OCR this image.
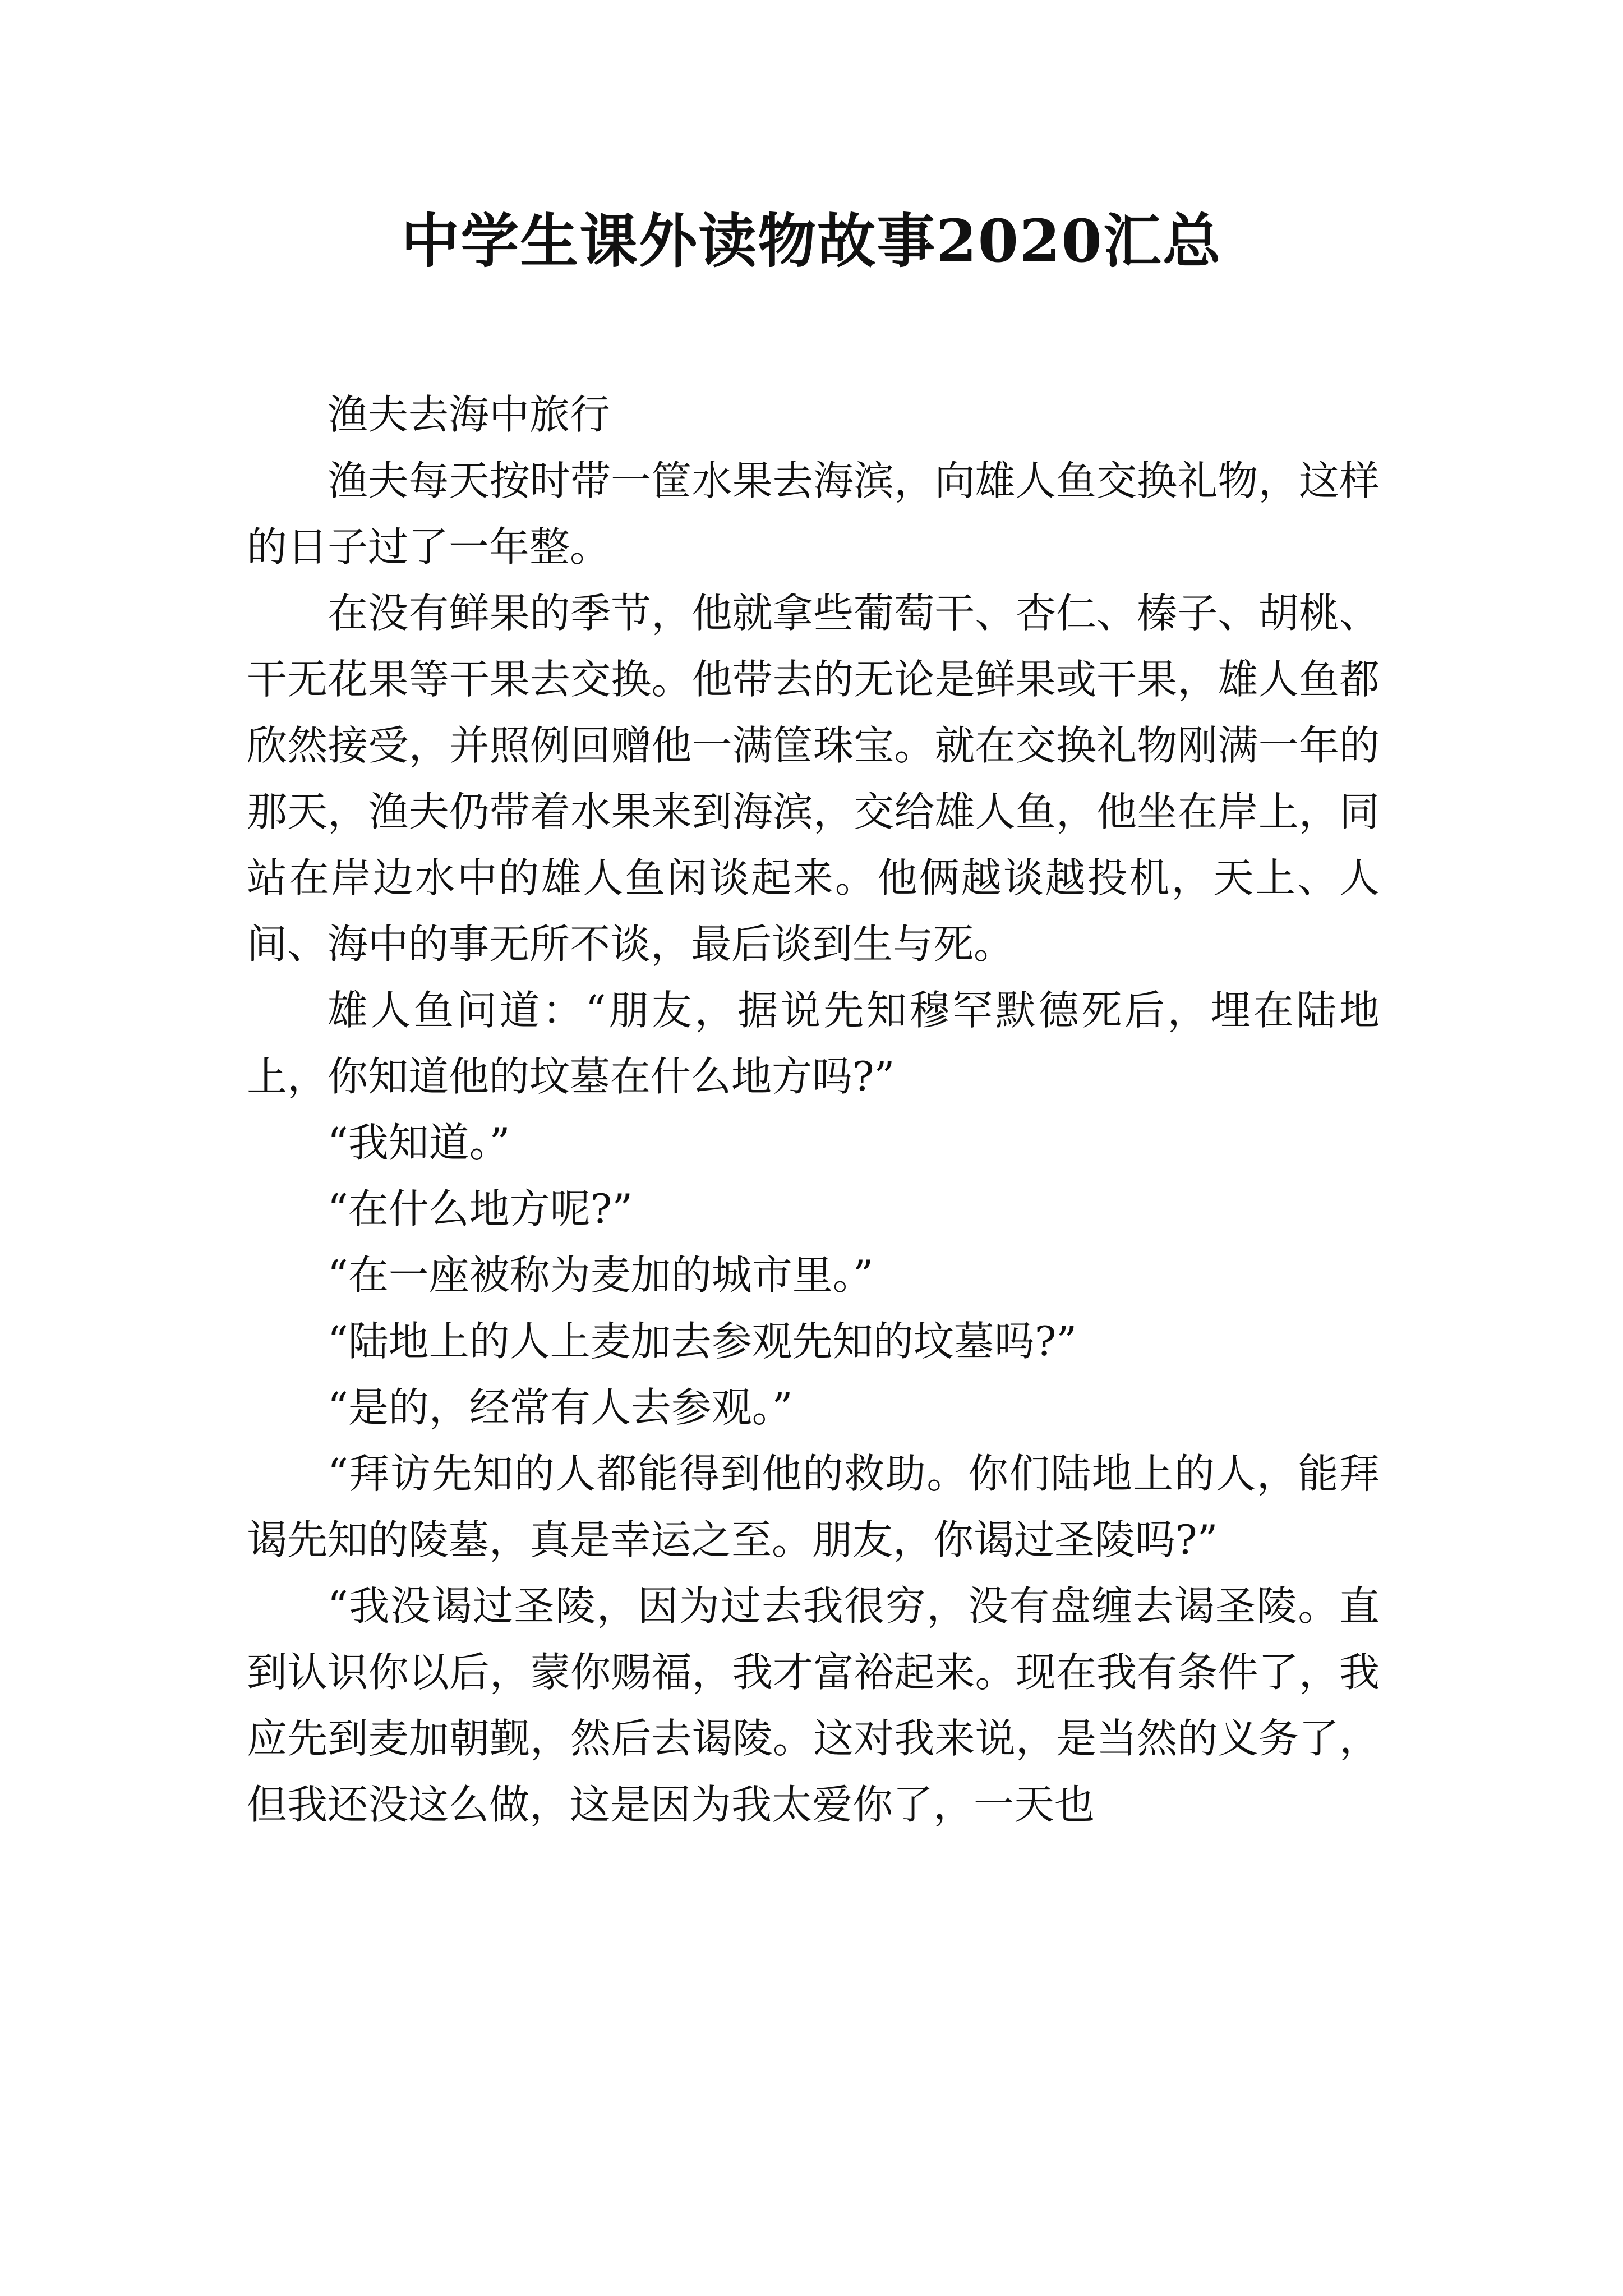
中学生课外读物故事2020汇总

渔夫去海中旅行

渔夫每天按时带一筐水果去海滨，向雄人鱼交换礼物，这样的日子过了一年整。

在没有鲜果的季节，他就拿些葡萄干、杏仁、榛子、胡桃、干无花果等干果去交换。他带去的无论是鲜果或干果，雄人鱼都欣然接受，并照例回赠他一满筐珠宝。就在交换礼物刚满一年的那天，渔夫仍带着水果来到海滨，交给雄人鱼，他坐在岸上，同站在岸边水中的雄人鱼闲谈起来。他俩越谈越投机，天上、人间、海中的事无所不谈，最后谈到生与死。

雄人鱼问道：“朋友，据说先知穆罕默德死后，埋在陆地上，你知道他的坟墓在什么地方吗?”

“我知道。”

“在什么地方呢?”

“在一座被称为麦加的城市里。”

“陆地上的人上麦加去参观先知的坟墓吗?”

“是的，经常有人去参观。”

“拜访先知的人都能得到他的救助。你们陆地上的人，能拜谒先知的陵墓，真是幸运之至。朋友，你谒过圣陵吗?”

“我没谒过圣陵，因为过去我很穷，没有盘缠去谒圣陵。直到认识你以后，蒙你赐福，我才富裕起来。现在我有条件了，我应先到麦加朝觐，然后去谒陵。这对我来说，是当然的义务了，但我还没这么做，这是因为我太爱你了，一天也
